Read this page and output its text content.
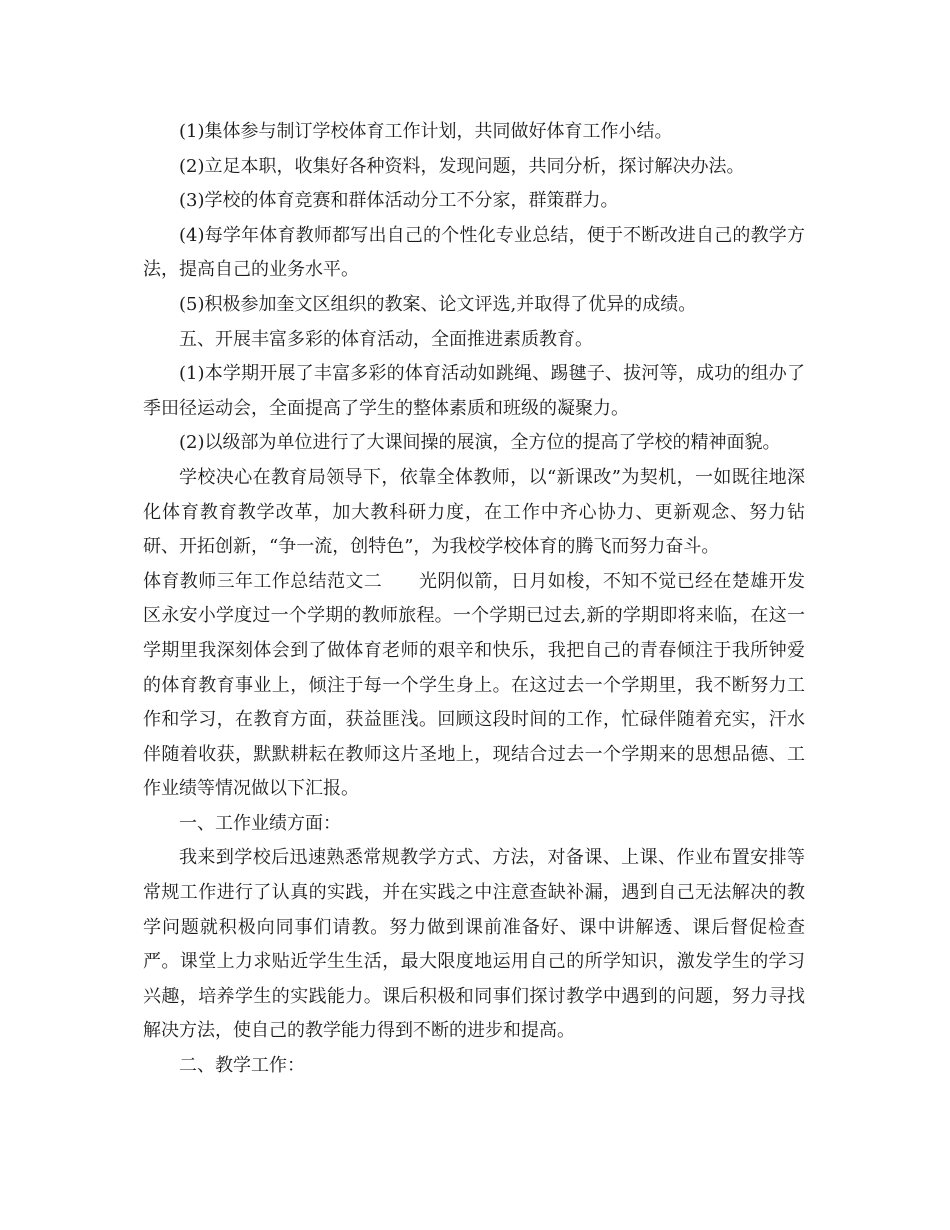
(1)集体参与制订学校体育工作计划，共同做好体育工作小结。

(2)立足本职，收集好各种资料，发现问题，共同分析，探讨解决办法。

(3)学校的体育竞赛和群体活动分工不分家，群策群力。

(4)每学年体育教师都写出自己的个性化专业总结，便于不断改进自己的教学方法，提高自己的业务水平。

(5)积极参加奎文区组织的教案、论文评选,并取得了优异的成绩。

五、开展丰富多彩的体育活动，全面推进素质教育。

(1)本学期开展了丰富多彩的体育活动如跳绳、踢毽子、拔河等，成功的组办了季田径运动会，全面提高了学生的整体素质和班级的凝聚力。

(2)以级部为单位进行了大课间操的展演，全方位的提高了学校的精神面貌。

学校决心在教育局领导下，依靠全体教师，以“新课改”为契机，一如既往地深化体育教育教学改革，加大教科研力度，在工作中齐心协力、更新观念、努力钻研、开拓创新，“争一流，创特色”，为我校学校体育的腾飞而努力奋斗。

体育教师三年工作总结范文二　　光阴似箭，日月如梭，不知不觉已经在楚雄开发区永安小学度过一个学期的教师旅程。一个学期已过去,新的学期即将来临，在这一学期里我深刻体会到了做体育老师的艰辛和快乐，我把自己的青春倾注于我所钟爱的体育教育事业上，倾注于每一个学生身上。在这过去一个学期里，我不断努力工作和学习，在教育方面，获益匪浅。回顾这段时间的工作，忙碌伴随着充实，汗水伴随着收获，默默耕耘在教师这片圣地上，现结合过去一个学期来的思想品德、工作业绩等情况做以下汇报。

一、工作业绩方面：

我来到学校后迅速熟悉常规教学方式、方法，对备课、上课、作业布置安排等常规工作进行了认真的实践，并在实践之中注意查缺补漏，遇到自己无法解决的教学问题就积极向同事们请教。努力做到课前准备好、课中讲解透、课后督促检查严。课堂上力求贴近学生生活，最大限度地运用自己的所学知识，激发学生的学习兴趣，培养学生的实践能力。课后积极和同事们探讨教学中遇到的问题，努力寻找解决方法，使自己的教学能力得到不断的进步和提高。

二、教学工作：
